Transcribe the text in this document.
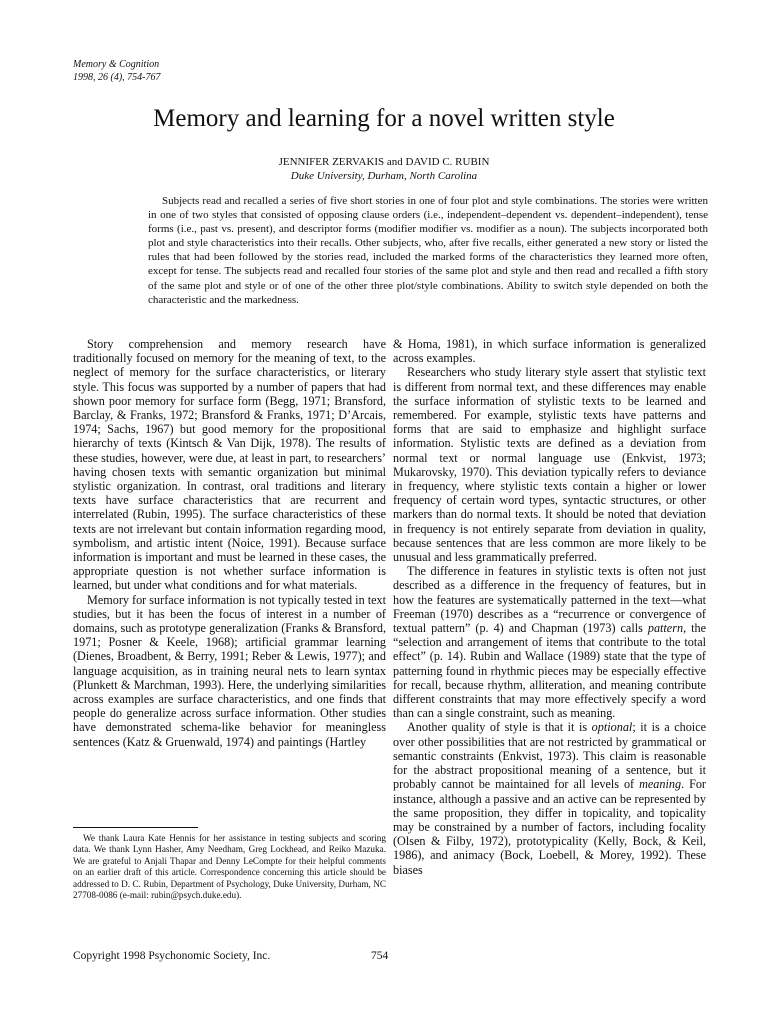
Memory & Cognition
1998, 26 (4), 754-767
Memory and learning for a novel written style
JENNIFER ZERVAKIS and DAVID C. RUBIN
Duke University, Durham, North Carolina

Subjects read and recalled a series of five short stories in one of four plot and style combinations. The stories were written in one of two styles that consisted of opposing clause orders (i.e., independent–dependent vs. dependent–independent), tense forms (i.e., past vs. present), and descriptor forms (modifier modifier vs. modifier as a noun). The subjects incorporated both plot and style characteristics into their recalls. Other subjects, who, after five recalls, either generated a new story or listed the rules that had been followed by the stories read, included the marked forms of the characteristics they learned more often, except for tense. The subjects read and recalled four stories of the same plot and style and then read and recalled a fifth story of the same plot and style or of one of the other three plot/style combinations. Ability to switch style depended on both the characteristic and the markedness.

Story comprehension and memory research have traditionally focused on memory for the meaning of text, to the neglect of memory for the surface characteristics, or literary style. This focus was supported by a number of papers that had shown poor memory for surface form (Begg, 1971; Bransford, Barclay, & Franks, 1972; Bransford & Franks, 1971; D’Arcais, 1974; Sachs, 1967) but good memory for the propositional hierarchy of texts (Kintsch & Van Dijk, 1978). The results of these studies, however, were due, at least in part, to researchers’ having chosen texts with semantic organization but minimal stylistic organization. In contrast, oral traditions and literary texts have surface characteristics that are recurrent and interrelated (Rubin, 1995). The surface characteristics of these texts are not irrelevant but contain information regarding mood, symbolism, and artistic intent (Noice, 1991). Because surface information is important and must be learned in these cases, the appropriate question is not whether surface information is learned, but under what conditions and for what materials.

Memory for surface information is not typically tested in text studies, but it has been the focus of interest in a number of domains, such as prototype generalization (Franks & Bransford, 1971; Posner & Keele, 1968); artificial grammar learning (Dienes, Broadbent, & Berry, 1991; Reber & Lewis, 1977); and language acquisition, as in training neural nets to learn syntax (Plunkett & Marchman, 1993). Here, the underlying similarities across examples are surface characteristics, and one finds that people do generalize across surface information. Other studies have demonstrated schema-like behavior for meaningless sentences (Katz & Gruenwald, 1974) and paintings (Hartley

& Homa, 1981), in which surface information is generalized across examples.

Researchers who study literary style assert that stylistic text is different from normal text, and these differences may enable the surface information of stylistic texts to be learned and remembered. For example, stylistic texts have patterns and forms that are said to emphasize and highlight surface information. Stylistic texts are defined as a deviation from normal text or normal language use (Enkvist, 1973; Mukarovsky, 1970). This deviation typically refers to deviance in frequency, where stylistic texts contain a higher or lower frequency of certain word types, syntactic structures, or other markers than do normal texts. It should be noted that deviation in frequency is not entirely separate from deviation in quality, because sentences that are less common are more likely to be unusual and less grammatically preferred.

The difference in features in stylistic texts is often not just described as a difference in the frequency of features, but in how the features are systematically patterned in the text—what Freeman (1970) describes as a “recurrence or convergence of textual pattern” (p. 4) and Chapman (1973) calls pattern, the “selection and arrangement of items that contribute to the total effect” (p. 14). Rubin and Wallace (1989) state that the type of patterning found in rhythmic pieces may be especially effective for recall, because rhythm, alliteration, and meaning contribute different constraints that may more effectively specify a word than can a single constraint, such as meaning.

Another quality of style is that it is optional; it is a choice over other possibilities that are not restricted by grammatical or semantic constraints (Enkvist, 1973). This claim is reasonable for the abstract propositional meaning of a sentence, but it probably cannot be maintained for all levels of meaning. For instance, although a passive and an active can be represented by the same proposition, they differ in topicality, and topicality may be constrained by a number of factors, including focality (Olsen & Filby, 1972), prototypicality (Kelly, Bock, & Keil, 1986), and animacy (Bock, Loebell, & Morey, 1992). These biases

We thank Laura Kate Hennis for her assistance in testing subjects and scoring data. We thank Lynn Hasher, Amy Needham, Greg Lockhead, and Reiko Mazuka. We are grateful to Anjali Thapar and Denny LeCompte for their helpful comments on an earlier draft of this article. Correspondence concerning this article should be addressed to D. C. Rubin, Department of Psychology, Duke University, Durham, NC 27708-0086 (e-mail: rubin@psych.duke.edu).

Copyright 1998 Psychonomic Society, Inc.	754
